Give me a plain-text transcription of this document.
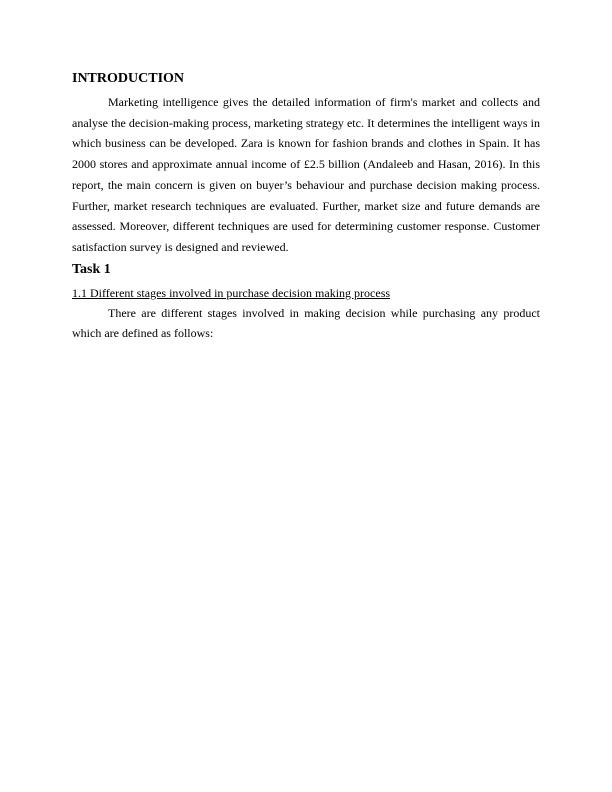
INTRODUCTION

Marketing intelligence gives the detailed information of firm's market and collects and analyse the decision-making process, marketing strategy etc. It determines the intelligent ways in which business can be developed. Zara is known for fashion brands and clothes in Spain. It has 2000 stores and approximate annual income of £2.5 billion (Andaleeb and Hasan, 2016). In this report, the main concern is given on buyer’s behaviour and purchase decision making process. Further, market research techniques are evaluated. Further, market size and future demands are assessed. Moreover, different techniques are used for determining customer response. Customer satisfaction survey is designed and reviewed.

Task 1
1.1 Different stages involved in purchase decision making process

There are different stages involved in making decision while purchasing any product which are defined as follows:
